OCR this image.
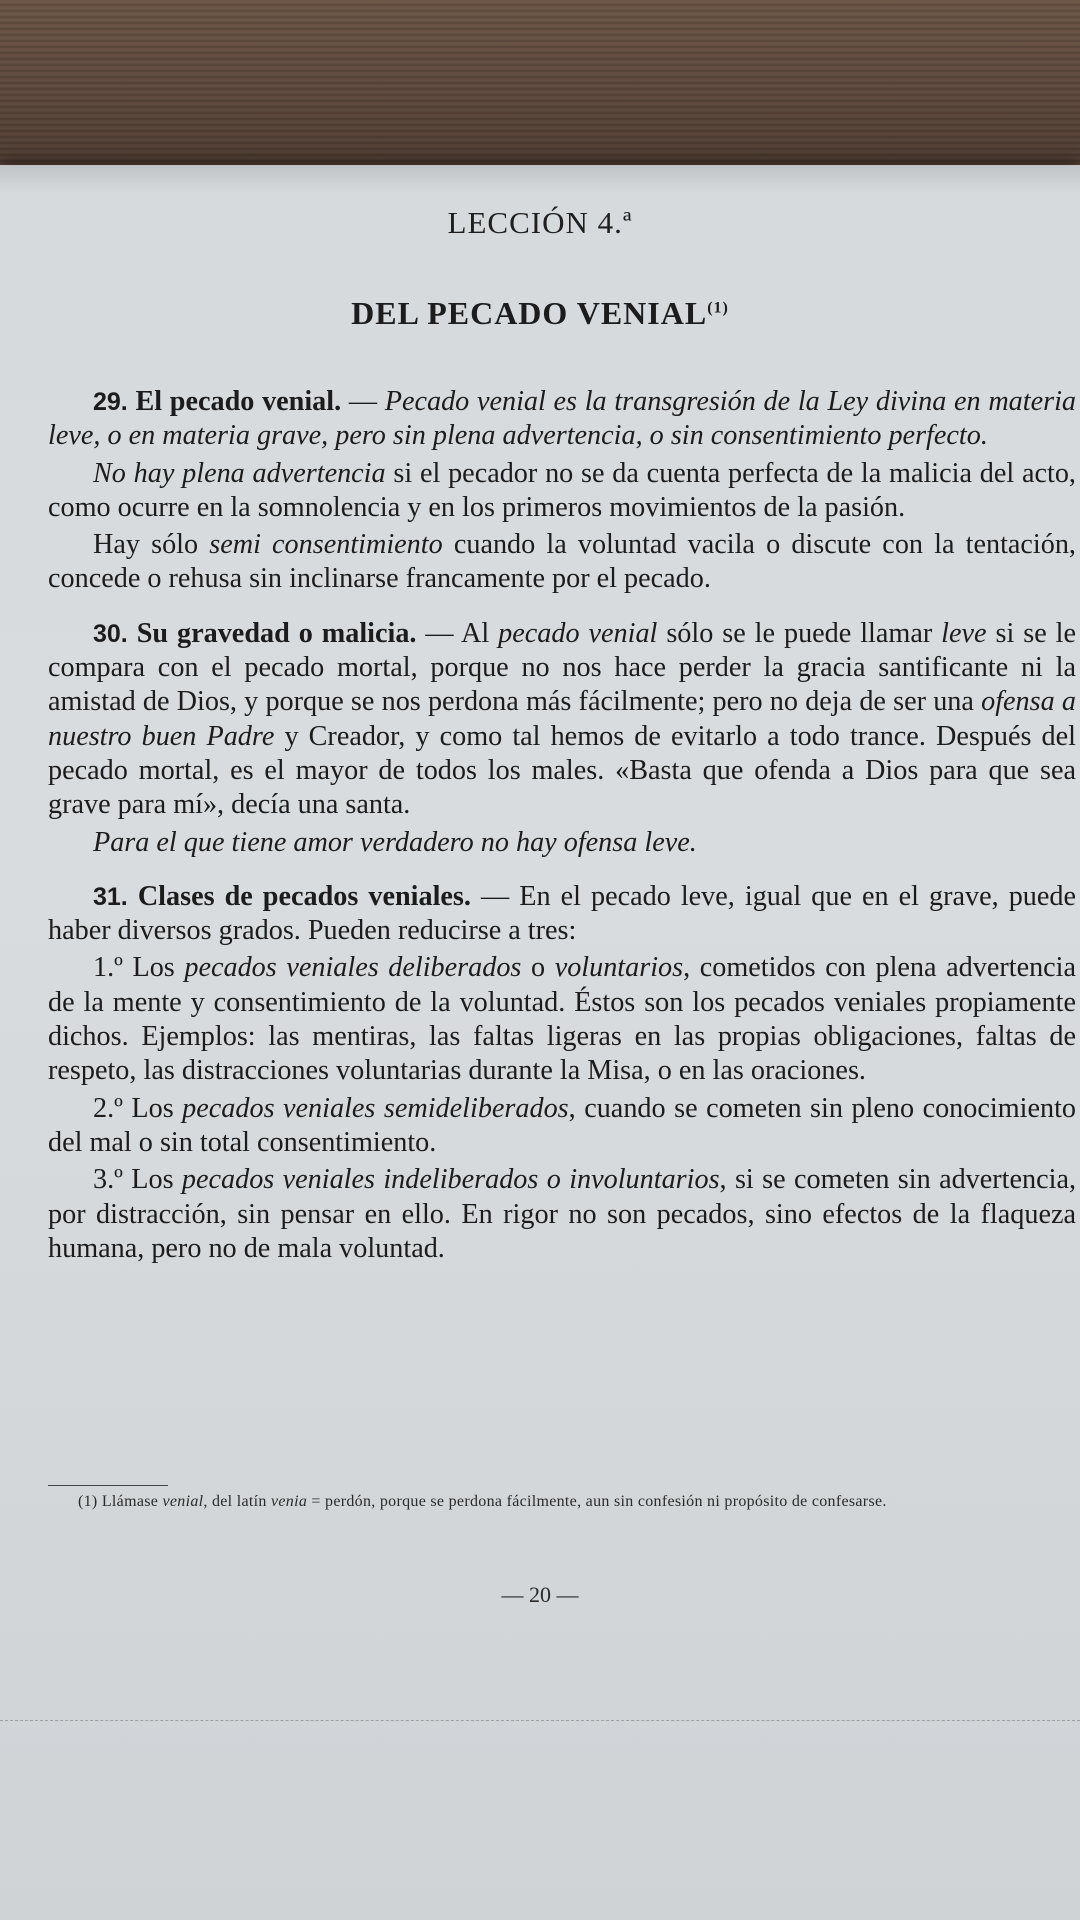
LECCIÓN 4.ª
DEL PECADO VENIAL$^{(1)}$

29. El pecado venial. — Pecado venial es la transgresión de la Ley divina en materia leve, o en materia grave, pero sin plena advertencia, o sin consentimiento perfecto.

No hay plena advertencia si el pecador no se da cuenta perfecta de la malicia del acto, como ocurre en la somnolencia y en los primeros movimientos de la pasión.

Hay sólo semi consentimiento cuando la voluntad vacila o discute con la tentación, concede o rehusa sin inclinarse francamente por el pecado.

30. Su gravedad o malicia. — Al pecado venial sólo se le puede llamar leve si se le compara con el pecado mortal, porque no nos hace perder la gracia santificante ni la amistad de Dios, y porque se nos perdona más fácilmente; pero no deja de ser una ofensa a nuestro buen Padre y Creador, y como tal hemos de evitarlo a todo trance. Después del pecado mortal, es el mayor de todos los males. «Basta que ofenda a Dios para que sea grave para mí», decía una santa.

Para el que tiene amor verdadero no hay ofensa leve.

31. Clases de pecados veniales. — En el pecado leve, igual que en el grave, puede haber diversos grados. Pueden reducirse a tres:

1.º Los pecados veniales deliberados o voluntarios, cometidos con plena advertencia de la mente y consentimiento de la voluntad. Éstos son los pecados veniales propiamente dichos. Ejemplos: las mentiras, las faltas ligeras en las propias obligaciones, faltas de respeto, las distracciones voluntarias durante la Misa, o en las oraciones.

2.º Los pecados veniales semideliberados, cuando se cometen sin pleno conocimiento del mal o sin total consentimiento.

3.º Los pecados veniales indeliberados o involuntarios, si se cometen sin advertencia, por distracción, sin pensar en ello. En rigor no son pecados, sino efectos de la flaqueza humana, pero no de mala voluntad.

(1) Llámase venial, del latín venia = perdón, porque se perdona fácilmente, aun sin confesión ni propósito de confesarse.
— 20 —
